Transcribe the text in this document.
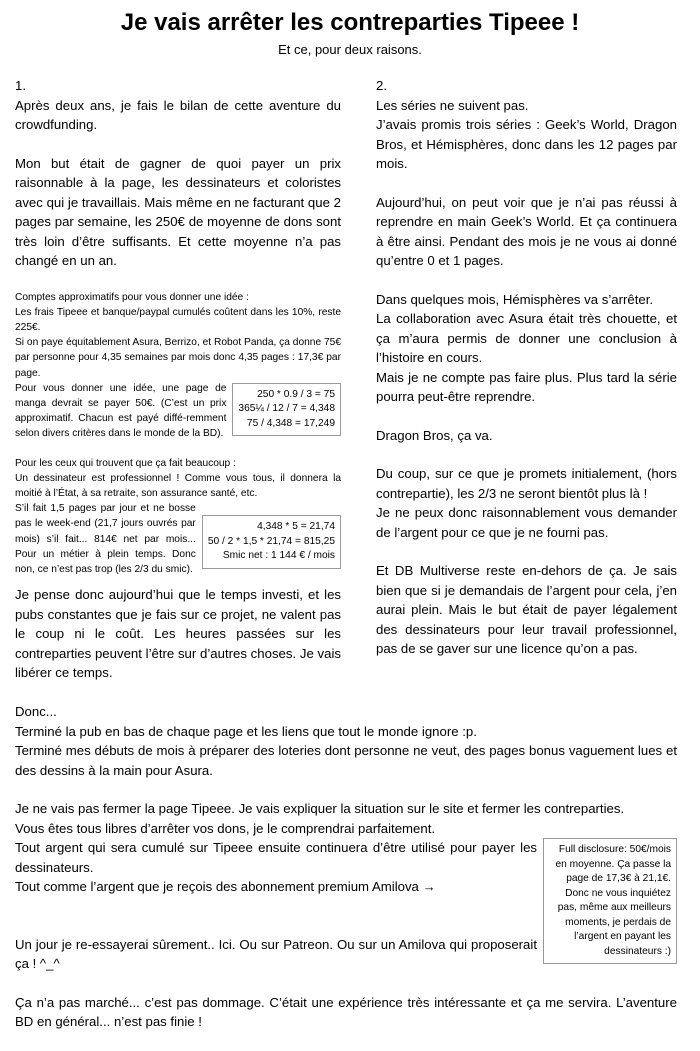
Je vais arrêter les contreparties Tipeee !
Et ce, pour deux raisons.

1.

Après deux ans, je fais le bilan de cette aventure du crowdfunding.

Mon but était de gagner de quoi payer un prix raisonnable à la page, les dessinateurs et coloristes avec qui je travaillais. Mais même en ne facturant que 2 pages par semaine, les 250€ de moyenne de dons sont très loin d’être suffisants. Et cette moyenne n’a pas changé en un an.

Comptes approximatifs pour vous donner une idée :

Les frais Tipeee et banque/paypal cumulés coûtent dans les 10%, reste 225€.

Si on paye équitablement Asura, Berrizo, et Robot Panda, ça donne 75€ par personne pour 4,35 semaines par mois donc 4,35 pages : 17,3€ par page.

250 * 0.9 / 3 = 75
365¼ / 12 / 7 = 4,348
75 / 4,348 = 17,249
Pour vous donner une idée, une page de manga devrait se payer 50€. (C’est un prix approximatif. Chacun est payé diffé-remment selon divers critères dans le monde de la BD).

Pour les ceux qui trouvent que ça fait beaucoup :

Un dessinateur est professionnel ! Comme vous tous, il donnera la moitié à l’État, à sa retraite, son assurance santé, etc.

4,348 * 5 = 21,74
50 / 2 * 1,5 * 21,74 = 815,25
Smic net : 1 144 € / mois
S’il fait 1,5 pages par jour et ne bosse pas le week-end (21,7 jours ouvrés par mois) s’il fait... 814€ net par mois... Pour un métier à plein temps. Donc non, ce n’est pas trop (les 2/3 du smic).

Je pense donc aujourd’hui que le temps investi, et les pubs constantes que je fais sur ce projet, ne valent pas le coup ni le coût. Les heures passées sur les contreparties peuvent l’être sur d’autres choses. Je vais libérer ce temps.

2.

Les séries ne suivent pas.

J’avais promis trois séries : Geek’s World, Dragon Bros, et Hémisphères, donc dans les 12 pages par mois.

Aujourd’hui, on peut voir que je n’ai pas réussi à reprendre en main Geek’s World. Et ça continuera à être ainsi. Pendant des mois je ne vous ai donné qu’entre 0 et 1 pages.

Dans quelques mois, Hémisphères va s’arrêter.

La collaboration avec Asura était très chouette, et ça m’aura permis de donner une conclusion à l’histoire en cours.

Mais je ne compte pas faire plus. Plus tard la série pourra peut-être reprendre.

Dragon Bros, ça va.

Du coup, sur ce que je promets initialement, (hors contrepartie), les 2/3 ne seront bientôt plus là !

Je ne peux donc raisonnablement vous demander de l’argent pour ce que je ne fourni pas.

Et DB Multiverse reste en-dehors de ça. Je sais bien que si je demandais de l’argent pour cela, j’en aurai plein. Mais le but était de payer légalement des dessinateurs pour leur travail professionnel, pas de se gaver sur une licence qu’on a pas.

Donc...
Terminé la pub en bas de chaque page et les liens que tout le monde ignore :p.
Terminé mes débuts de mois à préparer des loteries dont personne ne veut, des pages bonus vaguement lues et des dessins à la main pour Asura.

Je ne vais pas fermer la page Tipeee. Je vais expliquer la situation sur le site et fermer les contreparties.
Vous êtes tous libres d’arrêter vos dons, je le comprendrai parfaitement.
Full disclosure: 50€/mois en moyenne. Ça passe la page de 17,3€ à 21,1€. Donc ne vous inquiétez pas, même aux meilleurs moments, je perdais de l’argent en payant les dessinateurs :)
Tout argent qui sera cumulé sur Tipeee ensuite continuera d’être utilisé pour payer les dessinateurs.
Tout comme l’argent que je reçois des abonnement premium Amilova →
Un jour je re-essayerai sûrement.. Ici. Ou sur Patreon. Ou sur un Amilova qui proposerait ça ! ^_^

Ça n’a pas marché... c’est pas dommage. C’était une expérience très intéressante et ça me servira. L’aventure BD en général... n’est pas finie !
